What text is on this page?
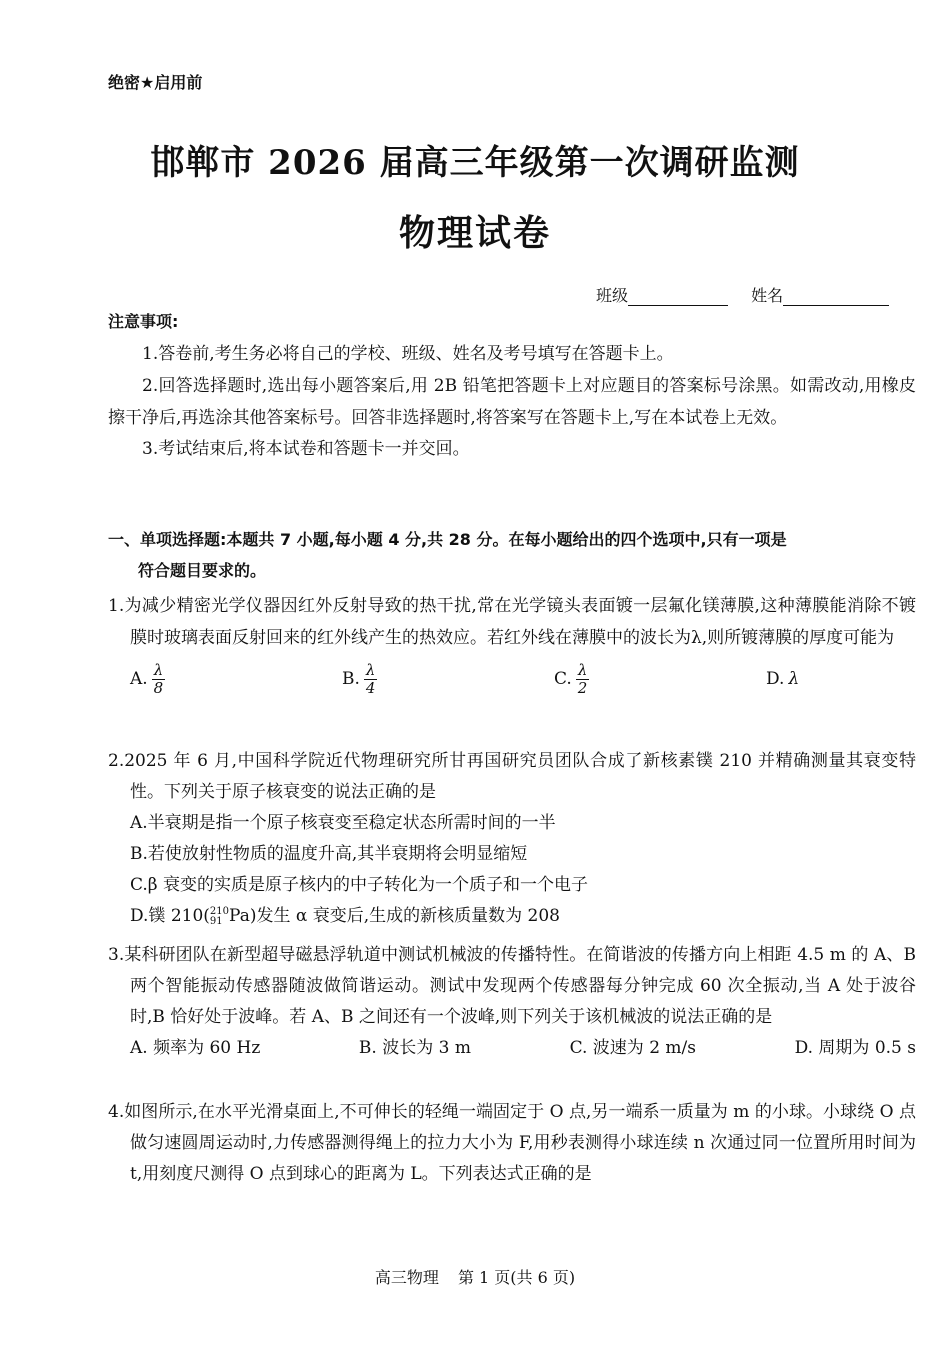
绝密★启用前
邯郸市 2026 届高三年级第一次调研监测
物理试卷
班级	姓名
注意事项:
1.答卷前,考生务必将自己的学校、班级、姓名及考号填写在答题卡上。
2.回答选择题时,选出每小题答案后,用 2B 铅笔把答题卡上对应题目的答案标号涂黑。如需改动,用橡皮擦干净后,再选涂其他答案标号。回答非选择题时,将答案写在答题卡上,写在本试卷上无效。
3.考试结束后,将本试卷和答题卡一并交回。
一、单项选择题:本题共 7 小题,每小题 4 分,共 28 分。在每小题给出的四个选项中,只有一项是
符合题目要求的。
1.为减少精密光学仪器因红外反射导致的热干扰,常在光学镜头表面镀一层氟化镁薄膜,这种薄膜能消除不镀膜时玻璃表面反射回来的红外线产生的热效应。若红外线在薄膜中的波长为λ,则所镀薄膜的厚度可能为
A. $\frac{\lambda}{8}$	B. $\frac{\lambda}{4}$	C. $\frac{\lambda}{2}$	D. λ
2.2025 年 6 月,中国科学院近代物理研究所甘再国研究员团队合成了新核素镤 210 并精确测量其衰变特性。下列关于原子核衰变的说法正确的是
A.半衰期是指一个原子核衰变至稳定状态所需时间的一半
B.若使放射性物质的温度升高,其半衰期将会明显缩短
C.β 衰变的实质是原子核内的中子转化为一个质子和一个电子
D.镤 210( 210
91 Pa)发生 α 衰变后,生成的新核质量数为 208
3.某科研团队在新型超导磁悬浮轨道中测试机械波的传播特性。在简谐波的传播方向上相距 4.5 m 的 A、B 两个智能振动传感器随波做简谐运动。测试中发现两个传感器每分钟完成 60 次全振动,当 A 处于波谷时,B 恰好处于波峰。若 A、B 之间还有一个波峰,则下列关于该机械波的说法正确的是
A. 频率为 60 Hz	B. 波长为 3 m	C. 波速为 2 m/s	D. 周期为 0.5 s
4.如图所示,在水平光滑桌面上,不可伸长的轻绳一端固定于 O 点,另一端系一质量为 m 的小球。小球绕 O 点做匀速圆周运动时,力传感器测得绳上的拉力大小为 F,用秒表测得小球连续 n 次通过同一位置所用时间为 t,用刻度尺测得 O 点到球心的距离为 L。下列表达式正确的是
高三物理 第 1 页(共 6 页)
